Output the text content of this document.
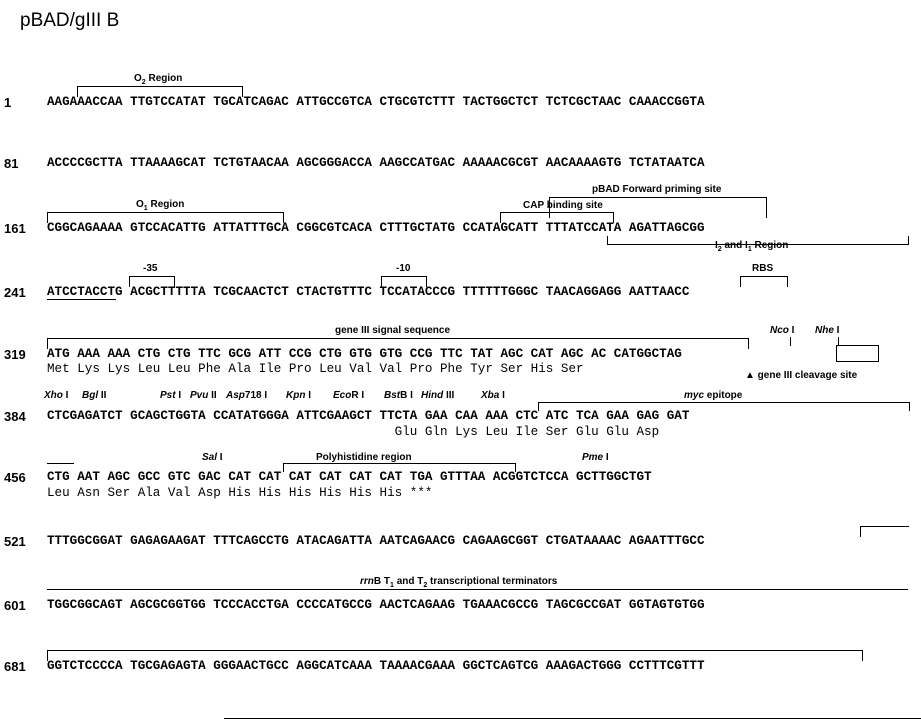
pBAD/gIII B
$O_2$ Region
1	AAGAAACCAA TTGTCCATAT TGCATCAGAC ATTGCCGTCA CTGCGTCTTT TACTGGCTCT TCTCGCTAAC CAAACCGGTA
81 ACCCCGCTTA TTAAAAGCAT TCTGTAACAA AGCGGGACCA AAGCCATGAC AAAAACGCGT AACAAAAGTG TCTATAATCA
$O_1$ Region
pBAD Forward priming site
CAP binding site
161 CGGCAGAAAA GTCCACATTG ATTATTTGCA CGGCGTCACA CTTTGCTATG CCATAGCATT TTTATCCATA AGATTAGCGG
$I_2$ and $I_1$ Region
-35	-10	RBS
241 ATCCTACCTG ACGCTTTTTA TCGCAACTCT CTACTGTTTC TCCATACCCG TTTTTTGGGC TAACAGGAGG AATTAACC
gene III signal sequence	Nco I Nhe I
319 ATG AAA AAA CTG CTG TTC GCG ATT CCG CTG GTG GTG CCG TTC TAT AGC CAT AGC AC CATGGCTAG
Met Lys Lys Leu Leu Phe Ala Ile Pro Leu Val Val Pro Phe Tyr Ser His Ser	▲ gene III cleavage site
Xho I Bgl II	Pst I Pvu II Asp718 I Kpn I EcoR I BstB I Hind III	Xba I	myc epitope
384 CTCGAGATCT GCAGCTGGTA CCATATGGGA ATTCGAAGCT TTCTA GAA CAA AAA CTC ATC TCA GAA GAG GAT
Glu Gln Lys Leu Ile Ser Glu Glu Asp
Sal I	Polyhistidine region	Pme I
456 CTG AAT AGC GCC GTC GAC CAT CAT CAT CAT CAT CAT TGA GTTTAA ACGGTCTCCA GCTTGGCTGT
Leu Asn Ser Ala Val Asp His His His His His His ***
521 TTTGGCGGAT GAGAGAAGAT TTTCAGCCTG ATACAGATTA AATCAGAACG CAGAAGCGGT CTGATAAAAC AGAATTTGCC
rrnB $T_1$ and $T_2$ transcriptional terminators
601 TGGCGGCAGT AGCGCGGTGG TCCCACCTGA CCCCATGCCG AACTCAGAAG TGAAACGCCG TAGCGCCGAT GGTAGTGTGG
681 GGTCTCCCCA TGCGAGAGTA GGGAACTGCC AGGCATCAAA TAAAACGAAA GGCTCAGTCG AAAGACTGGG CCTTTCGTTT
